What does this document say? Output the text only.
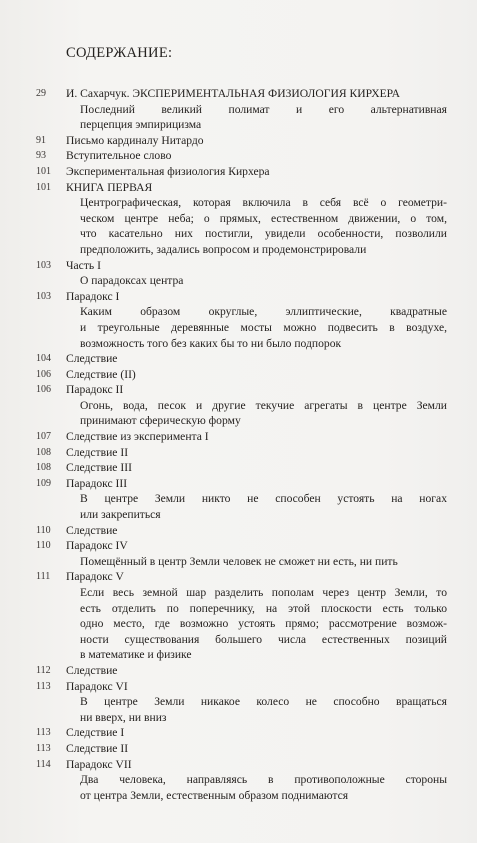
СОДЕРЖАНИЕ:
29 И. Сахарчук. ЭКСПЕРИМЕНТАЛЬНАЯ ФИЗИОЛОГИЯ КИРХЕРА
Последний великий полимат и его альтернативная
перцепция эмпирицизма
91 Письмо кардиналу Нитардо
93 Вступительное слово
101 Экспериментальная физиология Кирхера
101 КНИГА ПЕРВАЯ
Центрографическая, которая включила в себя всё о геометри-
ческом центре неба; о прямых, естественном движении, о том,
что касательно них постигли, увидели особенности, позволили
предположить, задались вопросом и продемонстрировали
103 Часть I
О парадоксах центра
103 Парадокс I
Каким образом округлые, эллиптические, квадратные
и треугольные деревянные мосты можно подвесить в воздухе,
возможность того без каких бы то ни было подпорок
104 Следствие
106 Следствие (II)
106 Парадокс II
Огонь, вода, песок и другие текучие агрегаты в центре Земли
принимают сферическую форму
107 Следствие из эксперимента I
108 Следствие II
108 Следствие III
109 Парадокс III
В центре Земли никто не способен устоять на ногах
или закрепиться
110 Следствие
110 Парадокс IV
Помещённый в центр Земли человек не сможет ни есть, ни пить
111 Парадокс V
Если весь земной шар разделить пополам через центр Земли, то
есть отделить по поперечнику, на этой плоскости есть только
одно место, где возможно устоять прямо; рассмотрение возмож-
ности существования большего числа естественных позиций
в математике и физике
112 Следствие
113 Парадокс VI
В центре Земли никакое колесо не способно вращаться
ни вверх, ни вниз
113 Следствие I
113 Следствие II
114 Парадокс VII
Два человека, направляясь в противоположные стороны
от центра Земли, естественным образом поднимаются
